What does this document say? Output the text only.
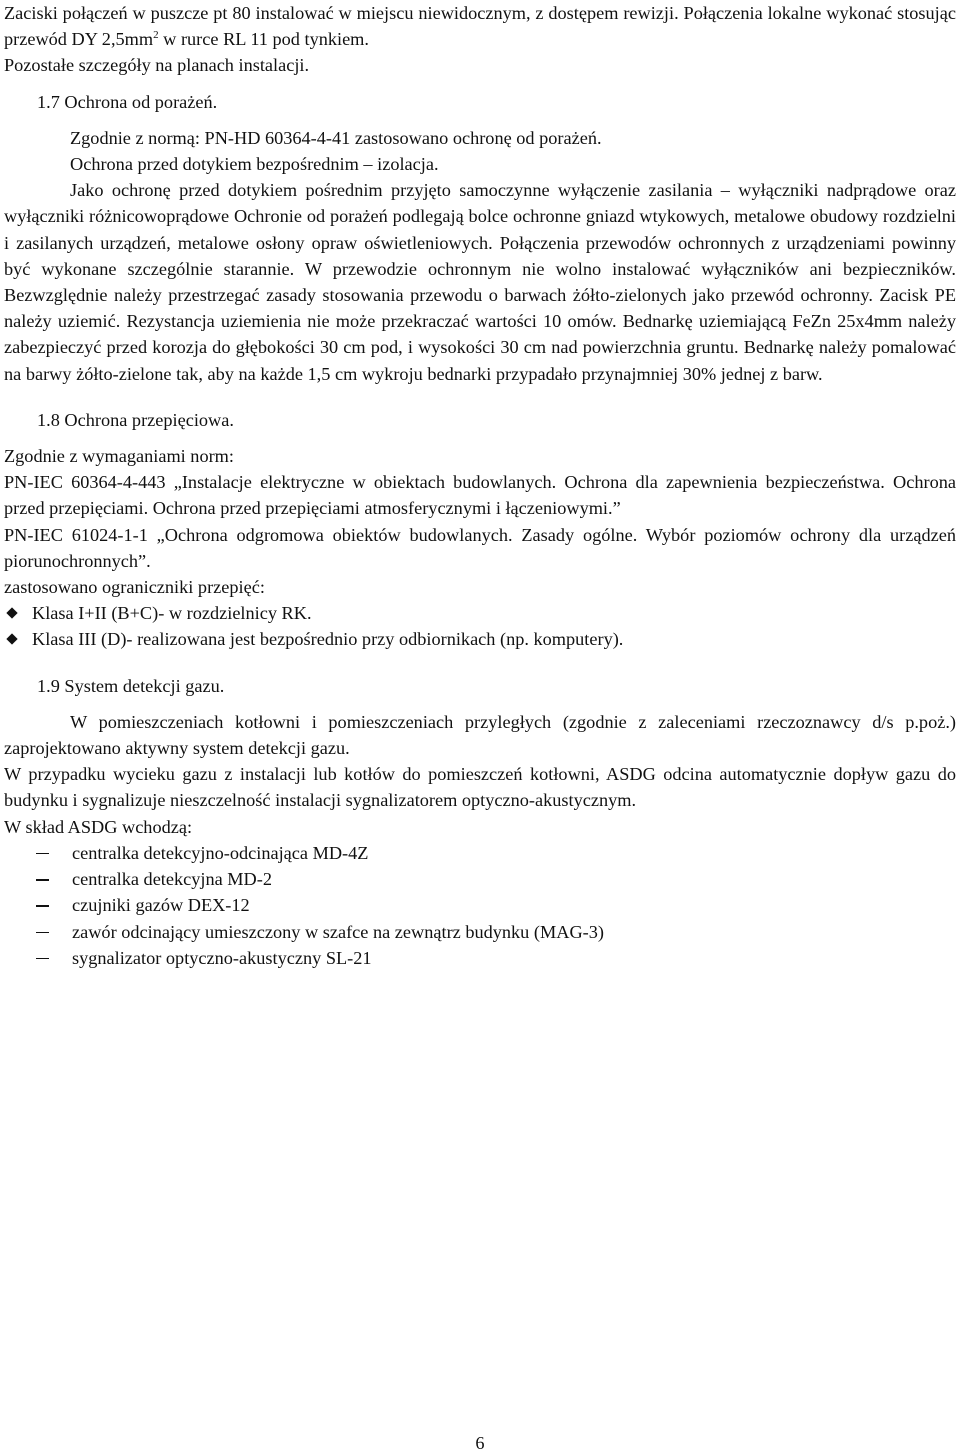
Zaciski połączeń w puszcze pt 80 instalować w miejscu niewidocznym, z dostępem rewizji. Połączenia lokalne wykonać stosując przewód DY $2,5mm^2$ w rurce RL 11 pod tynkiem.

Pozostałe szczegóły na planach instalacji.

1.7 Ochrona od porażeń.

Zgodnie z normą: PN-HD 60364-4-41 zastosowano ochronę od porażeń.

Ochrona przed dotykiem bezpośrednim – izolacja.

Jako ochronę przed dotykiem pośrednim przyjęto samoczynne wyłączenie zasilania – wyłączniki nadprądowe oraz wyłączniki różnicowoprądowe Ochronie od porażeń podlegają bolce ochronne gniazd wtykowych, metalowe obudowy rozdzielni i zasilanych urządzeń, metalowe osłony opraw oświetleniowych. Połączenia przewodów ochronnych z urządzeniami powinny być wykonane szczególnie starannie. W przewodzie ochronnym nie wolno instalować wyłączników ani bezpieczników. Bezwzględnie należy przestrzegać zasady stosowania przewodu o barwach żółto-zielonych jako przewód ochronny. Zacisk PE należy uziemić. Rezystancja uziemienia nie może przekraczać wartości 10 omów. Bednarkę uziemiającą FeZn 25x4mm należy zabezpieczyć przed korozja do głębokości 30 cm pod, i wysokości 30 cm nad powierzchnia gruntu. Bednarkę należy pomalować na barwy żółto-zielone tak, aby na każde 1,5 cm wykroju bednarki przypadało przynajmniej 30% jednej z barw.

1.8 Ochrona przepięciowa.

Zgodnie z wymaganiami norm:

PN-IEC 60364-4-443 „Instalacje elektryczne w obiektach budowlanych. Ochrona dla zapewnienia bezpieczeństwa. Ochrona przed przepięciami. Ochrona przed przepięciami atmosferycznymi i łączeniowymi.”

PN-IEC 61024-1-1 „Ochrona odgromowa obiektów budowlanych. Zasady ogólne. Wybór poziomów ochrony dla urządzeń piorunochronnych”.

zastosowano ograniczniki przepięć:

Klasa I+II (B+C)- w rozdzielnicy RK.
Klasa III (D)- realizowana jest bezpośrednio przy odbiornikach (np. komputery).

1.9 System detekcji gazu.

W pomieszczeniach kotłowni i pomieszczeniach przyległych (zgodnie z zaleceniami rzeczoznawcy d/s p.poż.) zaprojektowano aktywny system detekcji gazu.

W przypadku wycieku gazu z instalacji lub kotłów do pomieszczeń kotłowni, ASDG odcina automatycznie dopływ gazu do budynku i sygnalizuje nieszczelność instalacji sygnalizatorem optyczno-akustycznym.

W skład ASDG wchodzą:

centralka detekcyjno-odcinająca MD-4Z
centralka detekcyjna MD-2
czujniki gazów DEX-12
zawór odcinający umieszczony w szafce na zewnątrz budynku (MAG-3)
sygnalizator optyczno-akustyczny SL-21
6
